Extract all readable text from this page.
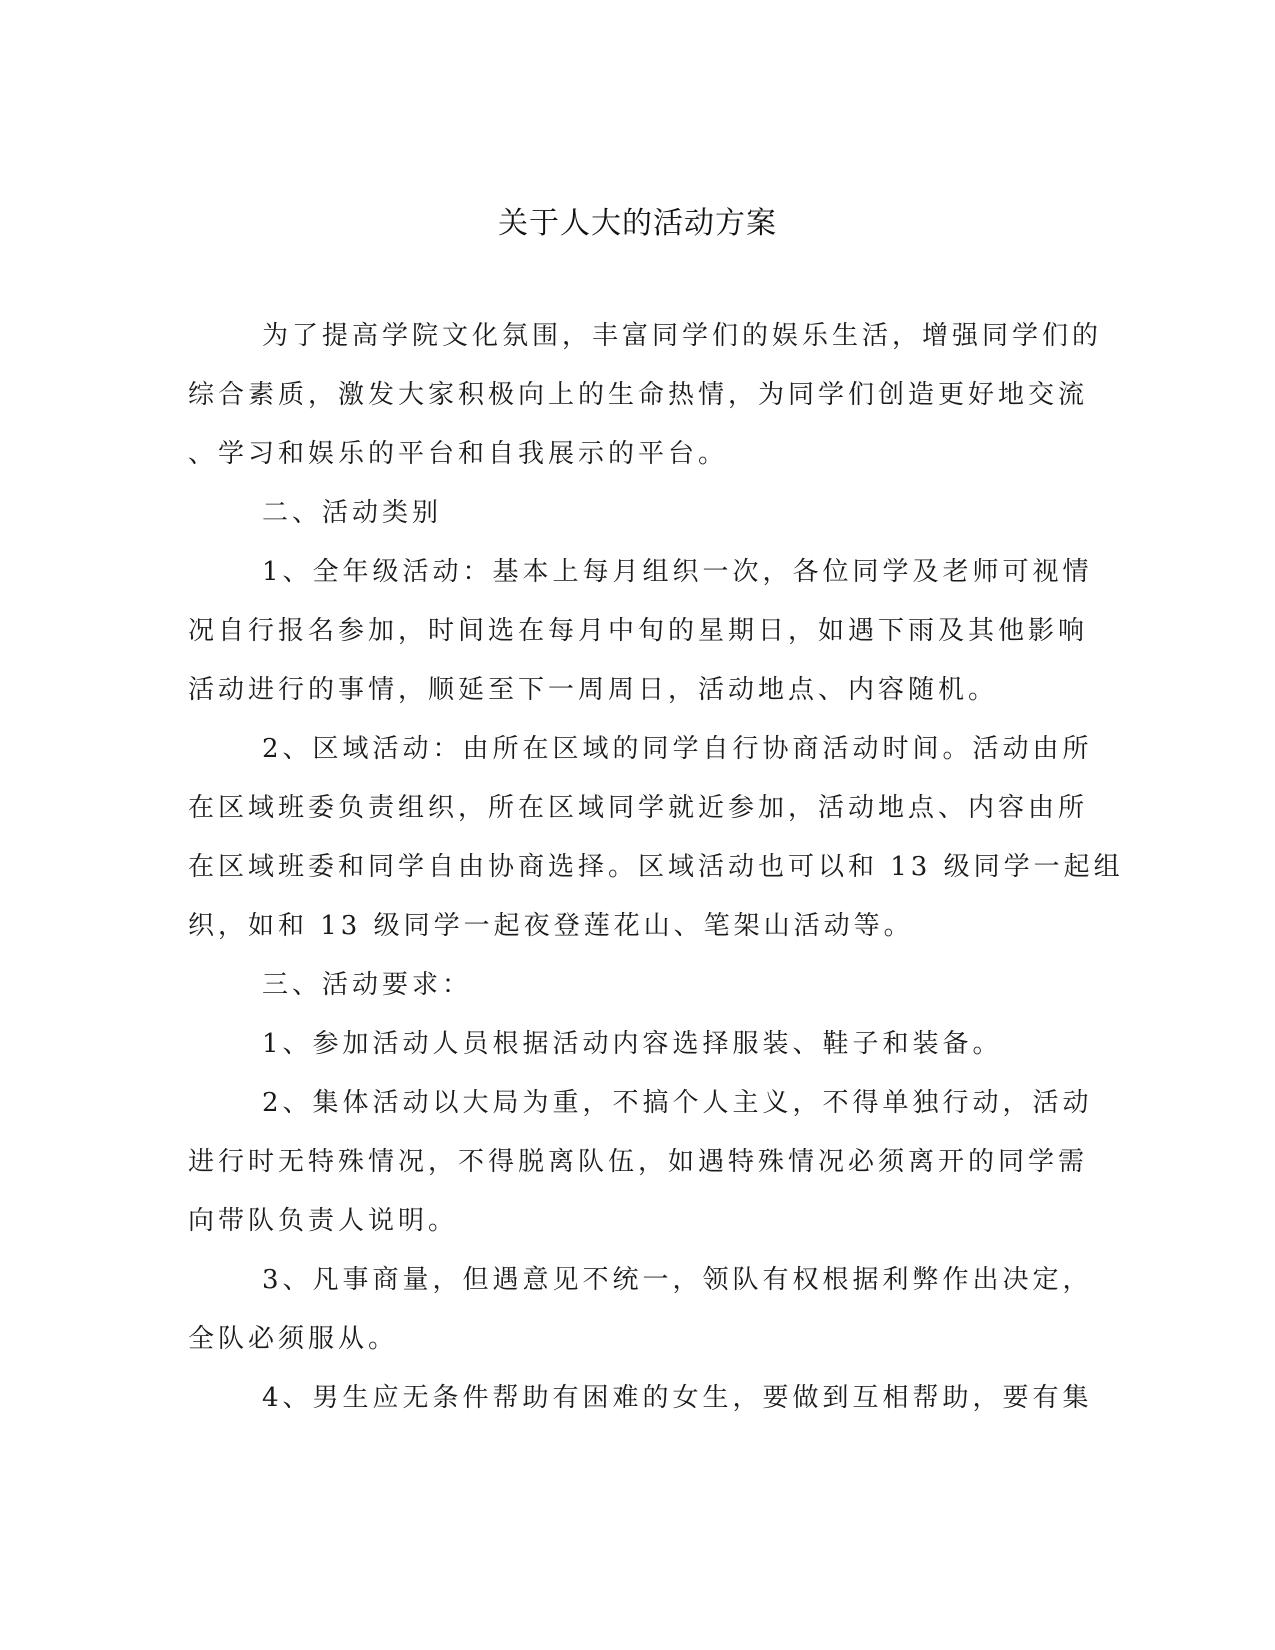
关于人大的活动方案
为了提高学院文化氛围，丰富同学们的娱乐生活，增强同学们的
综合素质，激发大家积极向上的生命热情，为同学们创造更好地交流
、学习和娱乐的平台和自我展示的平台。
二、活动类别
1、全年级活动：基本上每月组织一次，各位同学及老师可视情
况自行报名参加，时间选在每月中旬的星期日，如遇下雨及其他影响
活动进行的事情，顺延至下一周周日，活动地点、内容随机。
2、区域活动：由所在区域的同学自行协商活动时间。活动由所
在区域班委负责组织，所在区域同学就近参加，活动地点、内容由所
在区域班委和同学自由协商选择。区域活动也可以和 13 级同学一起组
织，如和 13 级同学一起夜登莲花山、笔架山活动等。
三、活动要求：
1、参加活动人员根据活动内容选择服装、鞋子和装备。
2、集体活动以大局为重，不搞个人主义，不得单独行动，活动
进行时无特殊情况，不得脱离队伍，如遇特殊情况必须离开的同学需
向带队负责人说明。
3、凡事商量，但遇意见不统一，领队有权根据利弊作出决定，
全队必须服从。
4、男生应无条件帮助有困难的女生，要做到互相帮助，要有集
